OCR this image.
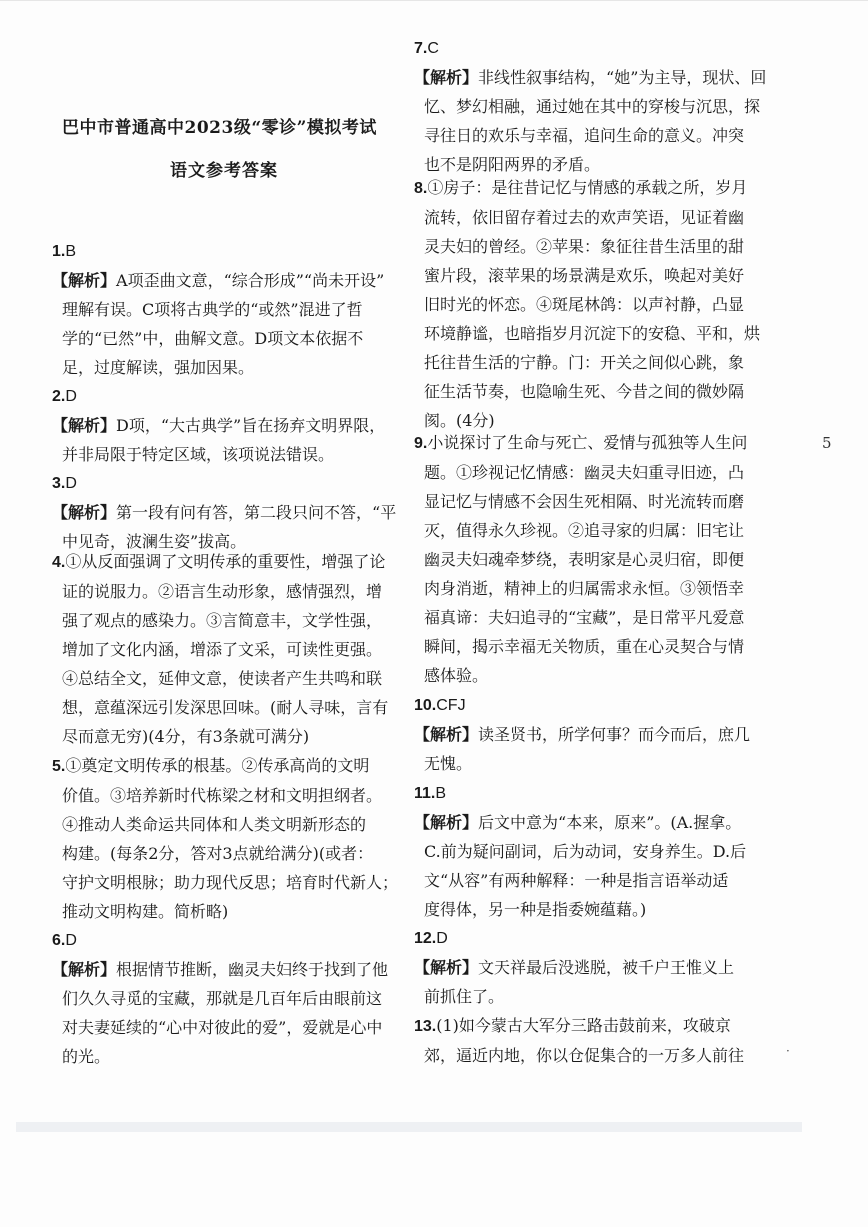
巴中市普通高中2023级“零诊”模拟考试
语文参考答案
1.B
【解析】A项歪曲文意，“综合形成”“尚未开设”
理解有误。C项将古典学的“或然”混进了哲
学的“已然”中，曲解文意。D项文本依据不
足，过度解读，强加因果。
2.D
【解析】D项，“大古典学”旨在扬弃文明界限，
并非局限于特定区域，该项说法错误。
3.D
【解析】第一段有问有答，第二段只问不答，“平
中见奇，波澜生姿”拔高。
4.①从反面强调了文明传承的重要性，增强了论
证的说服力。②语言生动形象，感情强烈，增
强了观点的感染力。③言简意丰，文学性强，
增加了文化内涵，增添了文采，可读性更强。
④总结全文，延伸文意，使读者产生共鸣和联
想，意蕴深远引发深思回味。(耐人寻味，言有
尽而意无穷)(4分，有3条就可满分)
5.①奠定文明传承的根基。②传承高尚的文明
价值。③培养新时代栋梁之材和文明担纲者。
④推动人类命运共同体和人类文明新形态的
构建。(每条2分，答对3点就给满分)(或者：
守护文明根脉；助力现代反思；培育时代新人；
推动文明构建。简析略)
6.D
【解析】根据情节推断，幽灵夫妇终于找到了他
们久久寻觅的宝藏，那就是几百年后由眼前这
对夫妻延续的“心中对彼此的爱”，爱就是心中
的光。
7.C
【解析】非线性叙事结构，“她”为主导，现状、回
忆、梦幻相融，通过她在其中的穿梭与沉思，探
寻往日的欢乐与幸福，追问生命的意义。冲突
也不是阴阳两界的矛盾。
8.①房子：是往昔记忆与情感的承载之所，岁月
流转，依旧留存着过去的欢声笑语，见证着幽
灵夫妇的曾经。②苹果：象征往昔生活里的甜
蜜片段，滚苹果的场景满是欢乐，唤起对美好
旧时光的怀恋。④斑尾林鸽：以声衬静，凸显
环境静谧，也暗指岁月沉淀下的安稳、平和，烘
托往昔生活的宁静。门：开关之间似心跳，象
征生活节奏，也隐喻生死、今昔之间的微妙隔
阂。(4分)
9.小说探讨了生命与死亡、爱情与孤独等人生问
题。①珍视记忆情感：幽灵夫妇重寻旧迹，凸
显记忆与情感不会因生死相隔、时光流转而磨
灭，值得永久珍视。②追寻家的归属：旧宅让
幽灵夫妇魂牵梦绕，表明家是心灵归宿，即便
肉身消逝，精神上的归属需求永恒。③领悟幸
福真谛：夫妇追寻的“宝藏”，是日常平凡爱意
瞬间，揭示幸福无关物质，重在心灵契合与情
感体验。
10.CFJ
【解析】读圣贤书，所学何事？而今而后，庶几
无愧。
11.B
【解析】后文中意为“本来，原来”。(A.握拿。
C.前为疑问副词，后为动词，安身养生。D.后
文“从容”有两种解释：一种是指言语举动适
度得体，另一种是指委婉蕴藉。)
12.D
【解析】文天祥最后没逃脱，被千户王惟义上
前抓住了。
13.(1)如今蒙古大军分三路击鼓前来，攻破京
郊，逼近内地，你以仓促集合的一万多人前往
5
·
